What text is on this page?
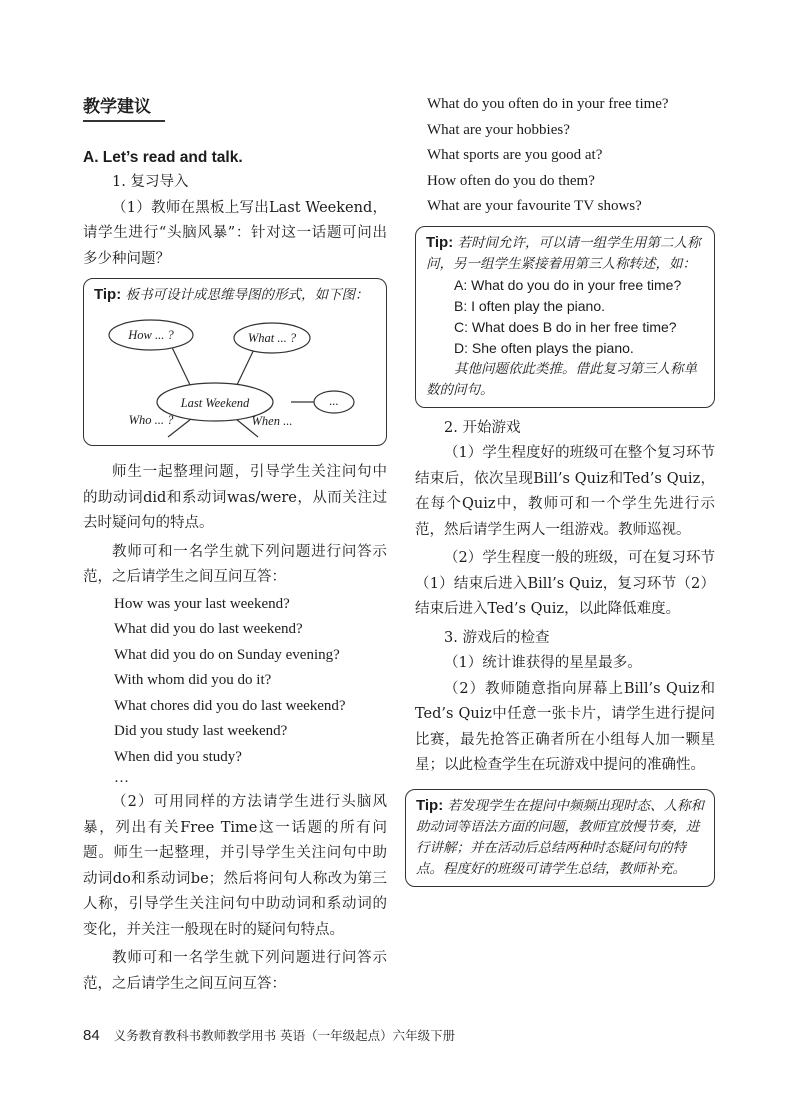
教学建议
A. Let’s read and talk.
1. 复习导入
（1）教师在黑板上写出Last Weekend，请学生进行“头脑风暴”：针对这一话题可问出多少种问题？
Tip: 板书可设计成思维导图的形式，如下图：
Last Weekend
How ... ?	What ... ?
...
Who ... ?	When ...
师生一起整理问题，引导学生关注问句中的助动词did和系动词was/were，从而关注过去时疑问句的特点。
教师可和一名学生就下列问题进行问答示范，之后请学生之间互问互答：
How was your last weekend?
What did you do last weekend?
What did you do on Sunday evening?
With whom did you do it?
What chores did you do last weekend?
Did you study last weekend?
When did you study?
…
（2）可用同样的方法请学生进行头脑风暴，列出有关Free Time这一话题的所有问题。师生一起整理，并引导学生关注问句中助动词do和系动词be；然后将问句人称改为第三人称，引导学生关注问句中助动词和系动词的变化，并关注一般现在时的疑问句特点。
教师可和一名学生就下列问题进行问答示范，之后请学生之间互问互答：
What do you often do in your free time?
What are your hobbies?
What sports are you good at?
How often do you do them?
What are your favourite TV shows?
Tip: 若时间允许，可以请一组学生用第二人称问，另一组学生紧接着用第三人称转述，如：
A: What do you do in your free time?
B: I often play the piano.
C: What does B do in her free time?
D: She often plays the piano.
其他问题依此类推。借此复习第三人称单数的问句。
2. 开始游戏
（1）学生程度好的班级可在整个复习环节结束后，依次呈现Bill’s Quiz和Ted’s Quiz，在每个Quiz中，教师可和一个学生先进行示范，然后请学生两人一组游戏。教师巡视。
（2）学生程度一般的班级，可在复习环节（1）结束后进入Bill’s Quiz，复习环节（2）结束后进入Ted’s Quiz，以此降低难度。
3. 游戏后的检查
（1）统计谁获得的星星最多。
（2）教师随意指向屏幕上Bill’s Quiz和Ted’s Quiz中任意一张卡片，请学生进行提问比赛，最先抢答正确者所在小组每人加一颗星星；以此检查学生在玩游戏中提问的准确性。
Tip: 若发现学生在提问中频频出现时态、人称和助动词等语法方面的问题，教师宜放慢节奏，进行讲解；并在活动后总结两种时态疑问句的特点。程度好的班级可请学生总结，教师补充。
84 义务教育教科书教师教学用书 英语（一年级起点）六年级下册
